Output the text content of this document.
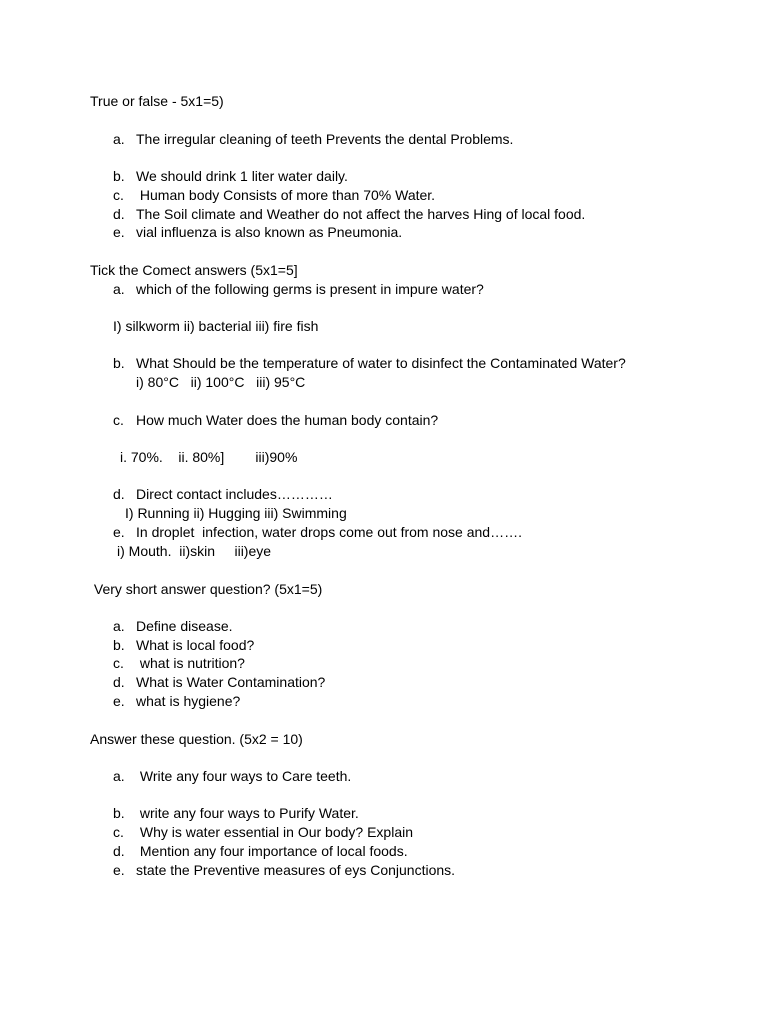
True or false - 5x1=5)
a. The irregular cleaning of teeth Prevents the dental Problems.
b. We should drink 1 liter water daily.
c. Human body Consists of more than 70% Water.
d. The Soil climate and Weather do not affect the harves Hing of local food.
e. vial influenza is also known as Pneumonia.
Tick the Comect answers (5x1=5]
a. which of the following germs is present in impure water?
I) silkworm ii) bacterial iii) fire fish
b. What Should be the temperature of water to disinfect the Contaminated Water?
i) 80°C   ii) 100°C   iii) 95°C
c. How much Water does the human body contain?
i. 70%.    ii. 80%]        iii)90%
d. Direct contact includes…………
I) Running ii) Hugging iii) Swimming
e. In droplet  infection, water drops come out from nose and…….
i) Mouth.  ii)skin     iii)eye
Very short answer question? (5x1=5)
a. Define disease.
b. What is local food?
c. what is nutrition?
d. What is Water Contamination?
e. what is hygiene?
Answer these question. (5x2 = 10)
a. Write any four ways to Care teeth.
b. write any four ways to Purify Water.
c. Why is water essential in Our body? Explain
d. Mention any four importance of local foods.
e. state the Preventive measures of eys Conjunctions.
